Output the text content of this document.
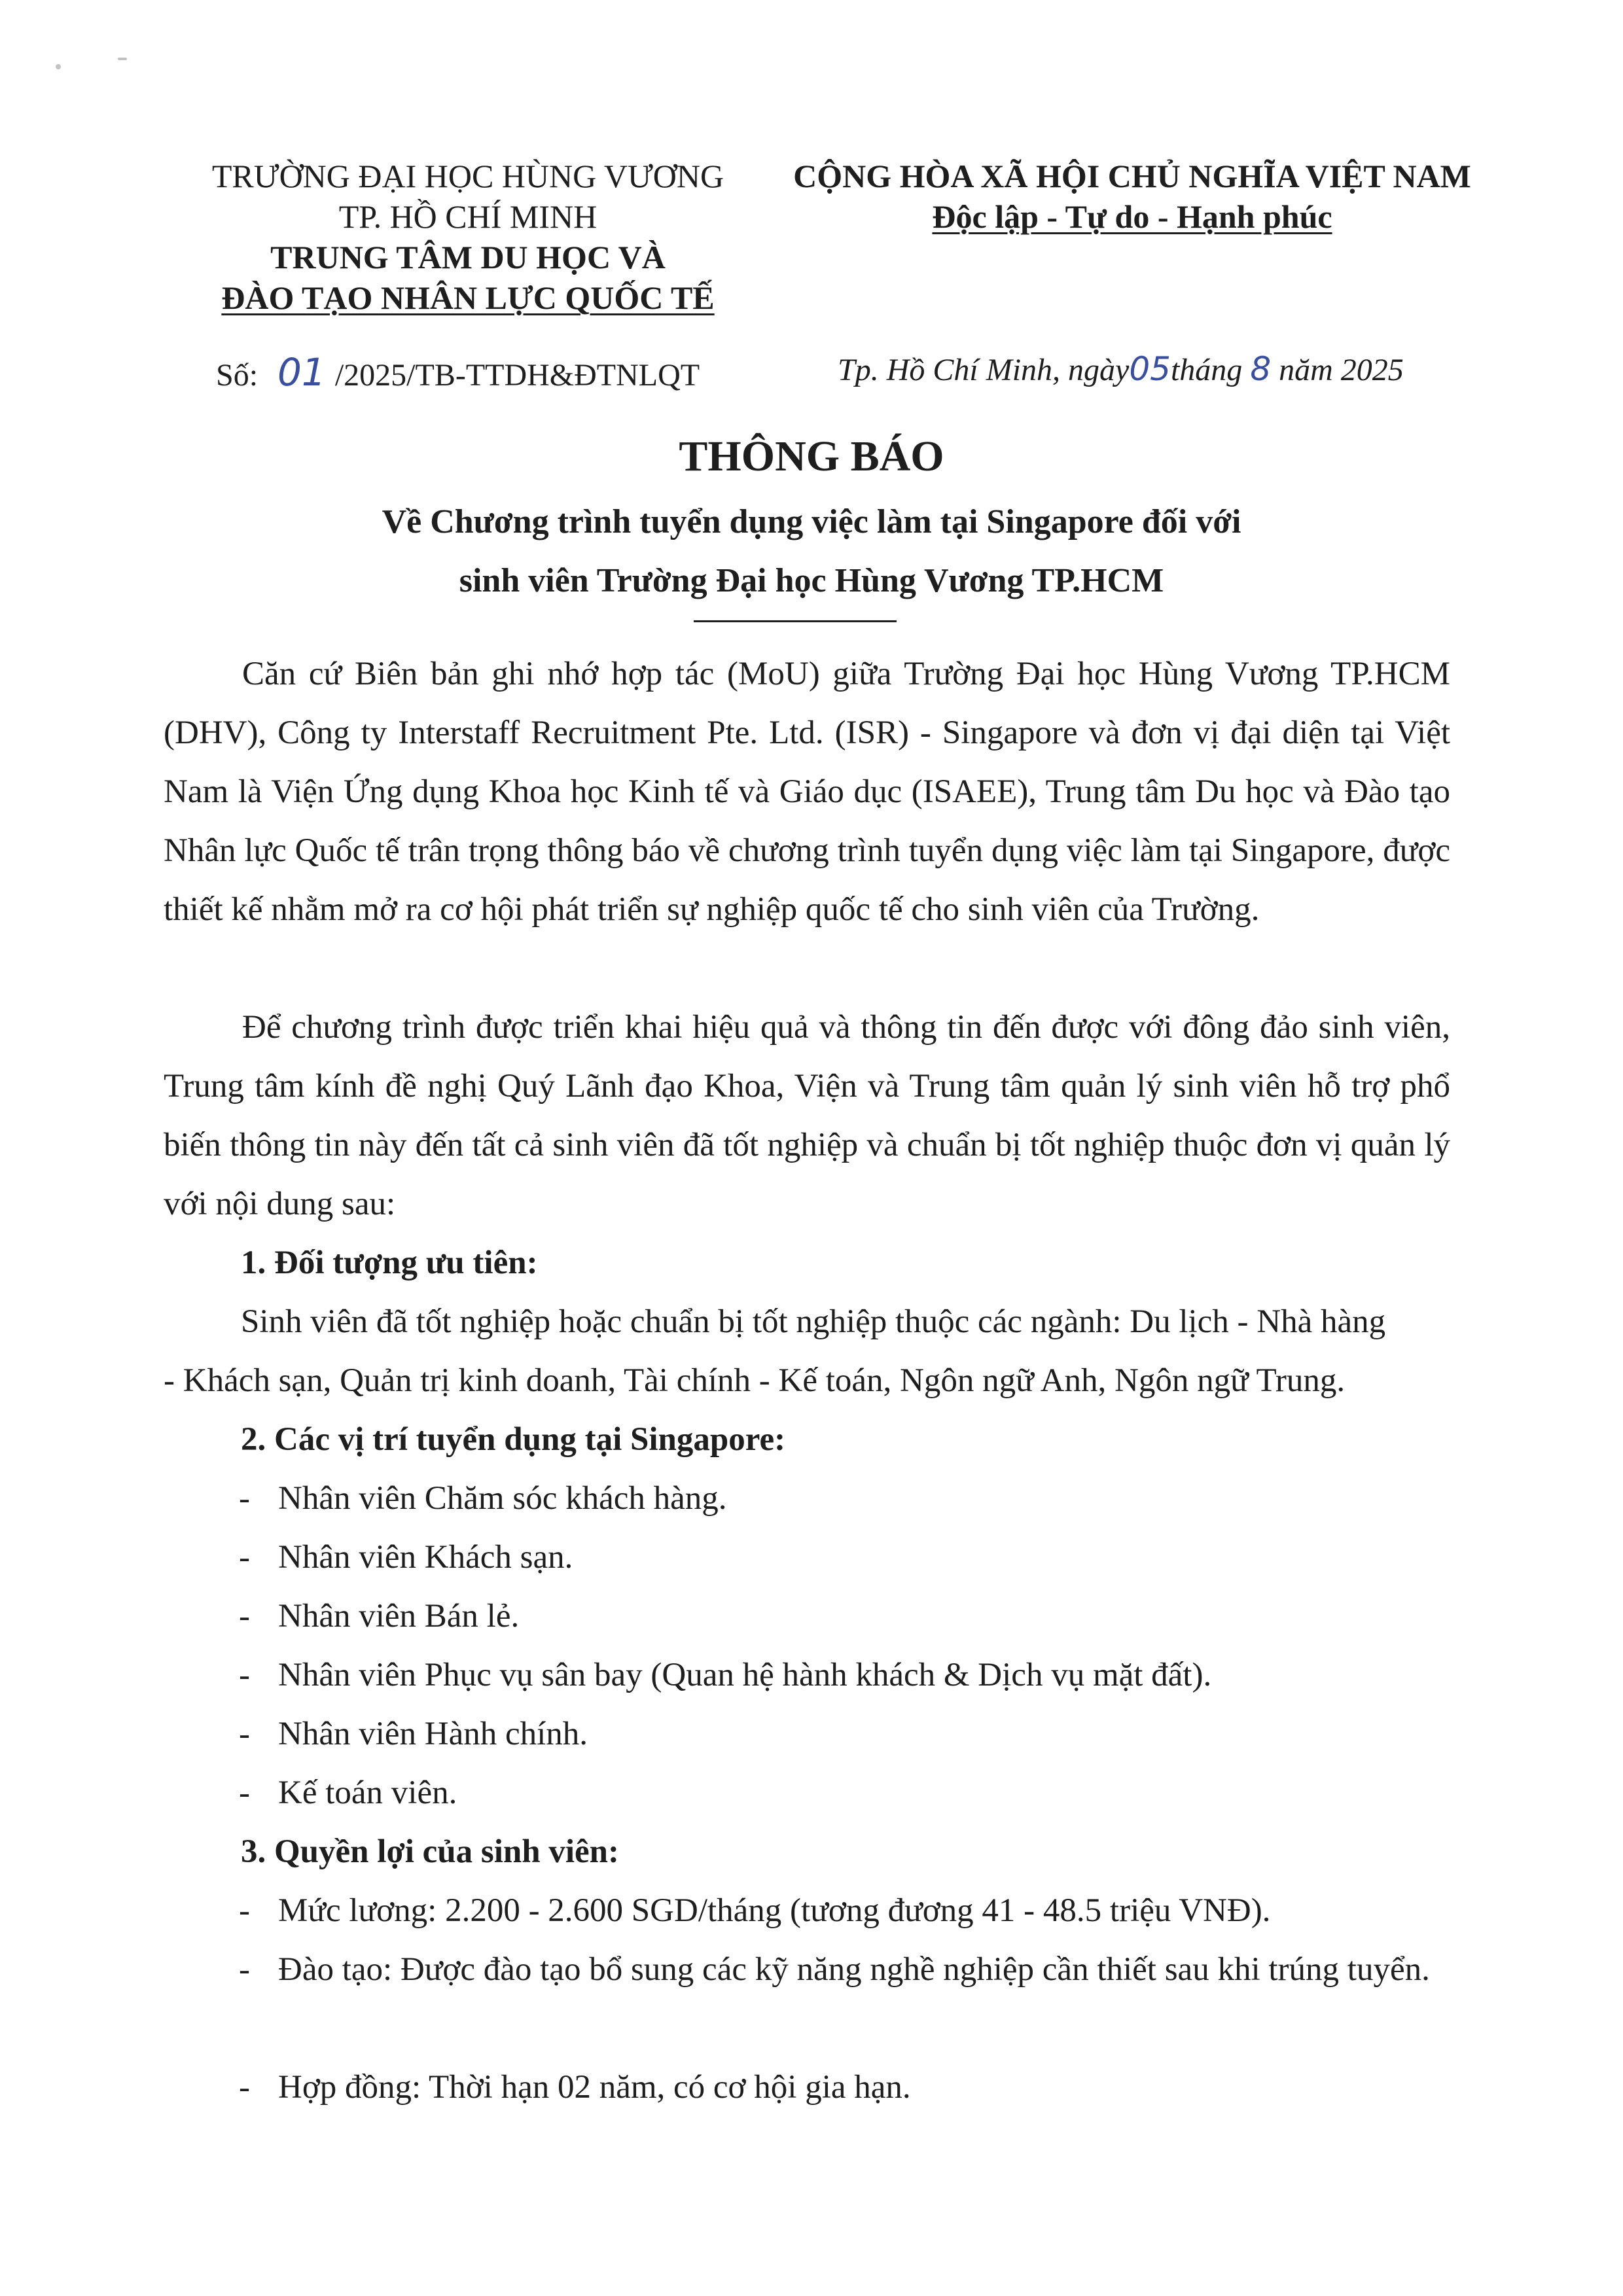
TRƯỜNG ĐẠI HỌC HÙNG VƯƠNG
TP. HỒ CHÍ MINH
TRUNG TÂM DU HỌC VÀ
ĐÀO TẠO NHÂN LỰC QUỐC TẾ
CỘNG HÒA XÃ HỘI CHỦ NGHĨA VIỆT NAM
Độc lập - Tự do - Hạnh phúc
Số: 01 /2025/TB-TTDH&ĐTNLQT	Tp. Hồ Chí Minh, ngày05tháng 8 năm 2025
THÔNG BÁO
Về Chương trình tuyển dụng việc làm tại Singapore đối với
sinh viên Trường Đại học Hùng Vương TP.HCM
Căn cứ Biên bản ghi nhớ hợp tác (MoU) giữa Trường Đại học Hùng Vương TP.HCM (DHV), Công ty Interstaff Recruitment Pte. Ltd. (ISR) - Singapore và đơn vị đại diện tại Việt Nam là Viện Ứng dụng Khoa học Kinh tế và Giáo dục (ISAEE), Trung tâm Du học và Đào tạo Nhân lực Quốc tế trân trọng thông báo về chương trình tuyển dụng việc làm tại Singapore, được thiết kế nhằm mở ra cơ hội phát triển sự nghiệp quốc tế cho sinh viên của Trường.
Để chương trình được triển khai hiệu quả và thông tin đến được với đông đảo sinh viên, Trung tâm kính đề nghị Quý Lãnh đạo Khoa, Viện và Trung tâm quản lý sinh viên hỗ trợ phổ biến thông tin này đến tất cả sinh viên đã tốt nghiệp và chuẩn bị tốt nghiệp thuộc đơn vị quản lý với nội dung sau:
1. Đối tượng ưu tiên:
Sinh viên đã tốt nghiệp hoặc chuẩn bị tốt nghiệp thuộc các ngành: Du lịch - Nhà hàng
- Khách sạn, Quản trị kinh doanh, Tài chính - Kế toán, Ngôn ngữ Anh, Ngôn ngữ Trung.
2. Các vị trí tuyển dụng tại Singapore:
- Nhân viên Chăm sóc khách hàng.
- Nhân viên Khách sạn.
- Nhân viên Bán lẻ.
- Nhân viên Phục vụ sân bay (Quan hệ hành khách & Dịch vụ mặt đất).
- Nhân viên Hành chính.
- Kế toán viên.
3. Quyền lợi của sinh viên:
- Mức lương: 2.200 - 2.600 SGD/tháng (tương đương 41 - 48.5 triệu VNĐ).
- Đào tạo: Được đào tạo bổ sung các kỹ năng nghề nghiệp cần thiết sau khi trúng tuyển.
- Hợp đồng: Thời hạn 02 năm, có cơ hội gia hạn.
